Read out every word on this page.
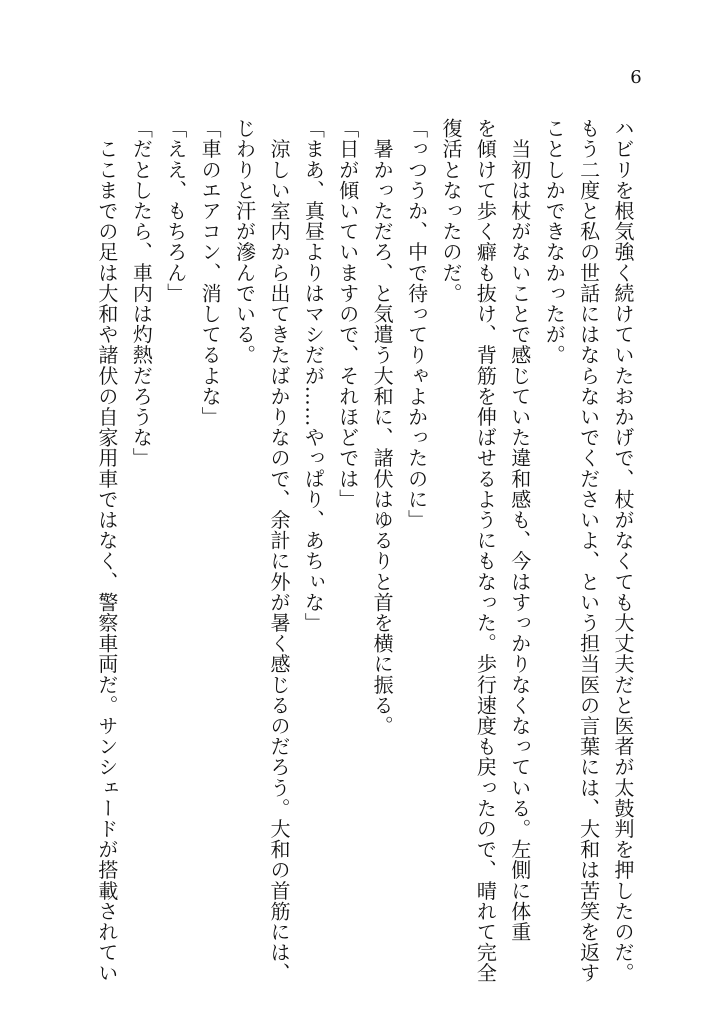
6
ハビリを根気強く続けていたおかげで、杖がなくても大丈夫だと医者が太鼓判を押したのだ。
もう二度と私の世話にはならないでくださいよ、という担当医の言葉には、大和は苦笑を返す
ことしかできなかったが。
　当初は杖がないことで感じていた違和感も、今はすっかりなくなっている。左側に体重
を傾けて歩く癖も抜け、背筋を伸ばせるようにもなった。歩行速度も戻ったので、晴れて完全
復活となったのだ。
「っつうか、中で待ってりゃよかったのに」
　暑かっただろ、と気遣う大和に、諸伏はゆるりと首を横に振る。
「日が傾いていますので、それほどでは」
「まあ、真昼よりはマシだが……やっぱり、あちぃな」
　涼しい室内から出てきたばかりなので、余計に外が暑く感じるのだろう。大和の首筋には、
じわりと汗が滲んでいる。
「車のエアコン、消してるよな」
「ええ、もちろん」
「だとしたら、車内は灼熱だろうな」
　ここまでの足は大和や諸伏の自家用車ではなく、警察車両だ。サンシェードが搭載されてい
